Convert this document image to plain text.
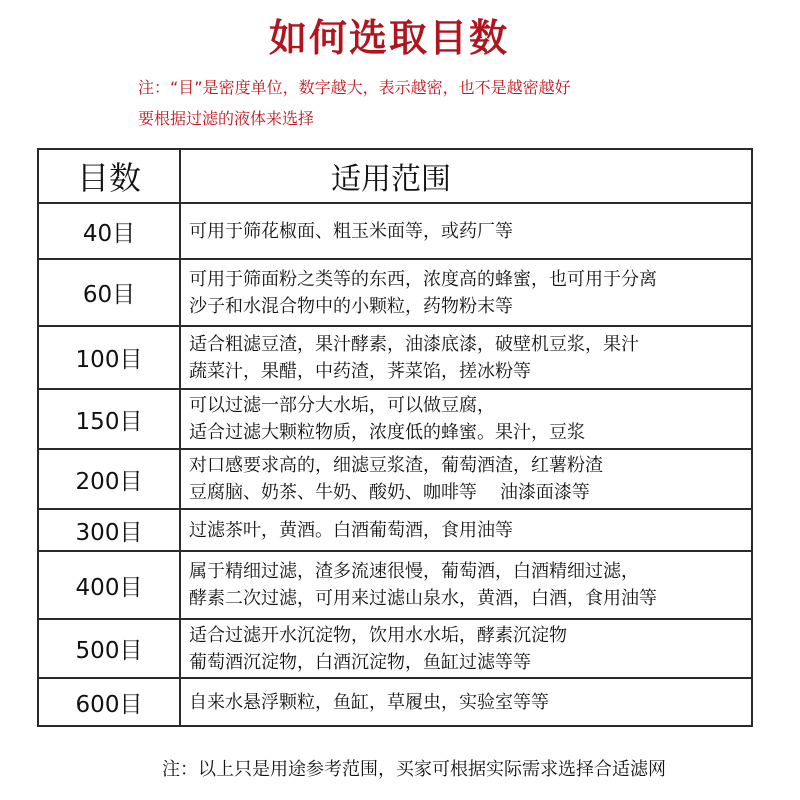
如何选取目数
注：“目”是密度单位，数字越大，表示越密，也不是越密越好
要根据过滤的液体来选择
目数	适用范围
40目	可用于筛花椒面、粗玉米面等，或药厂等

60目	可用于筛面粉之类等的东西，浓度高的蜂蜜，也可用于分离
沙子和水混合物中的小颗粒，药物粉末等

100目	适合粗滤豆渣，果汁酵素，油漆底漆，破壁机豆浆，果汁
蔬菜汁，果醋，中药渣，荠菜馅，搓冰粉等

150目	可以过滤一部分大水垢，可以做豆腐，
适合过滤大颗粒物质，浓度低的蜂蜜。果汁，豆浆

200目	对口感要求高的，细滤豆浆渣，葡萄酒渣，红薯粉渣
豆腐脑、奶茶、牛奶、酸奶、咖啡等    油漆面漆等

300目	过滤茶叶，黄酒。白酒葡萄酒，食用油等

400目	属于精细过滤，渣多流速很慢，葡萄酒，白酒精细过滤，
酵素二次过滤，可用来过滤山泉水，黄酒，白酒，食用油等

500目	适合过滤开水沉淀物，饮用水水垢，酵素沉淀物
葡萄酒沉淀物，白酒沉淀物，鱼缸过滤等等

600目	自来水悬浮颗粒，鱼缸，草履虫，实验室等等
注：以上只是用途参考范围，买家可根据实际需求选择合适滤网
